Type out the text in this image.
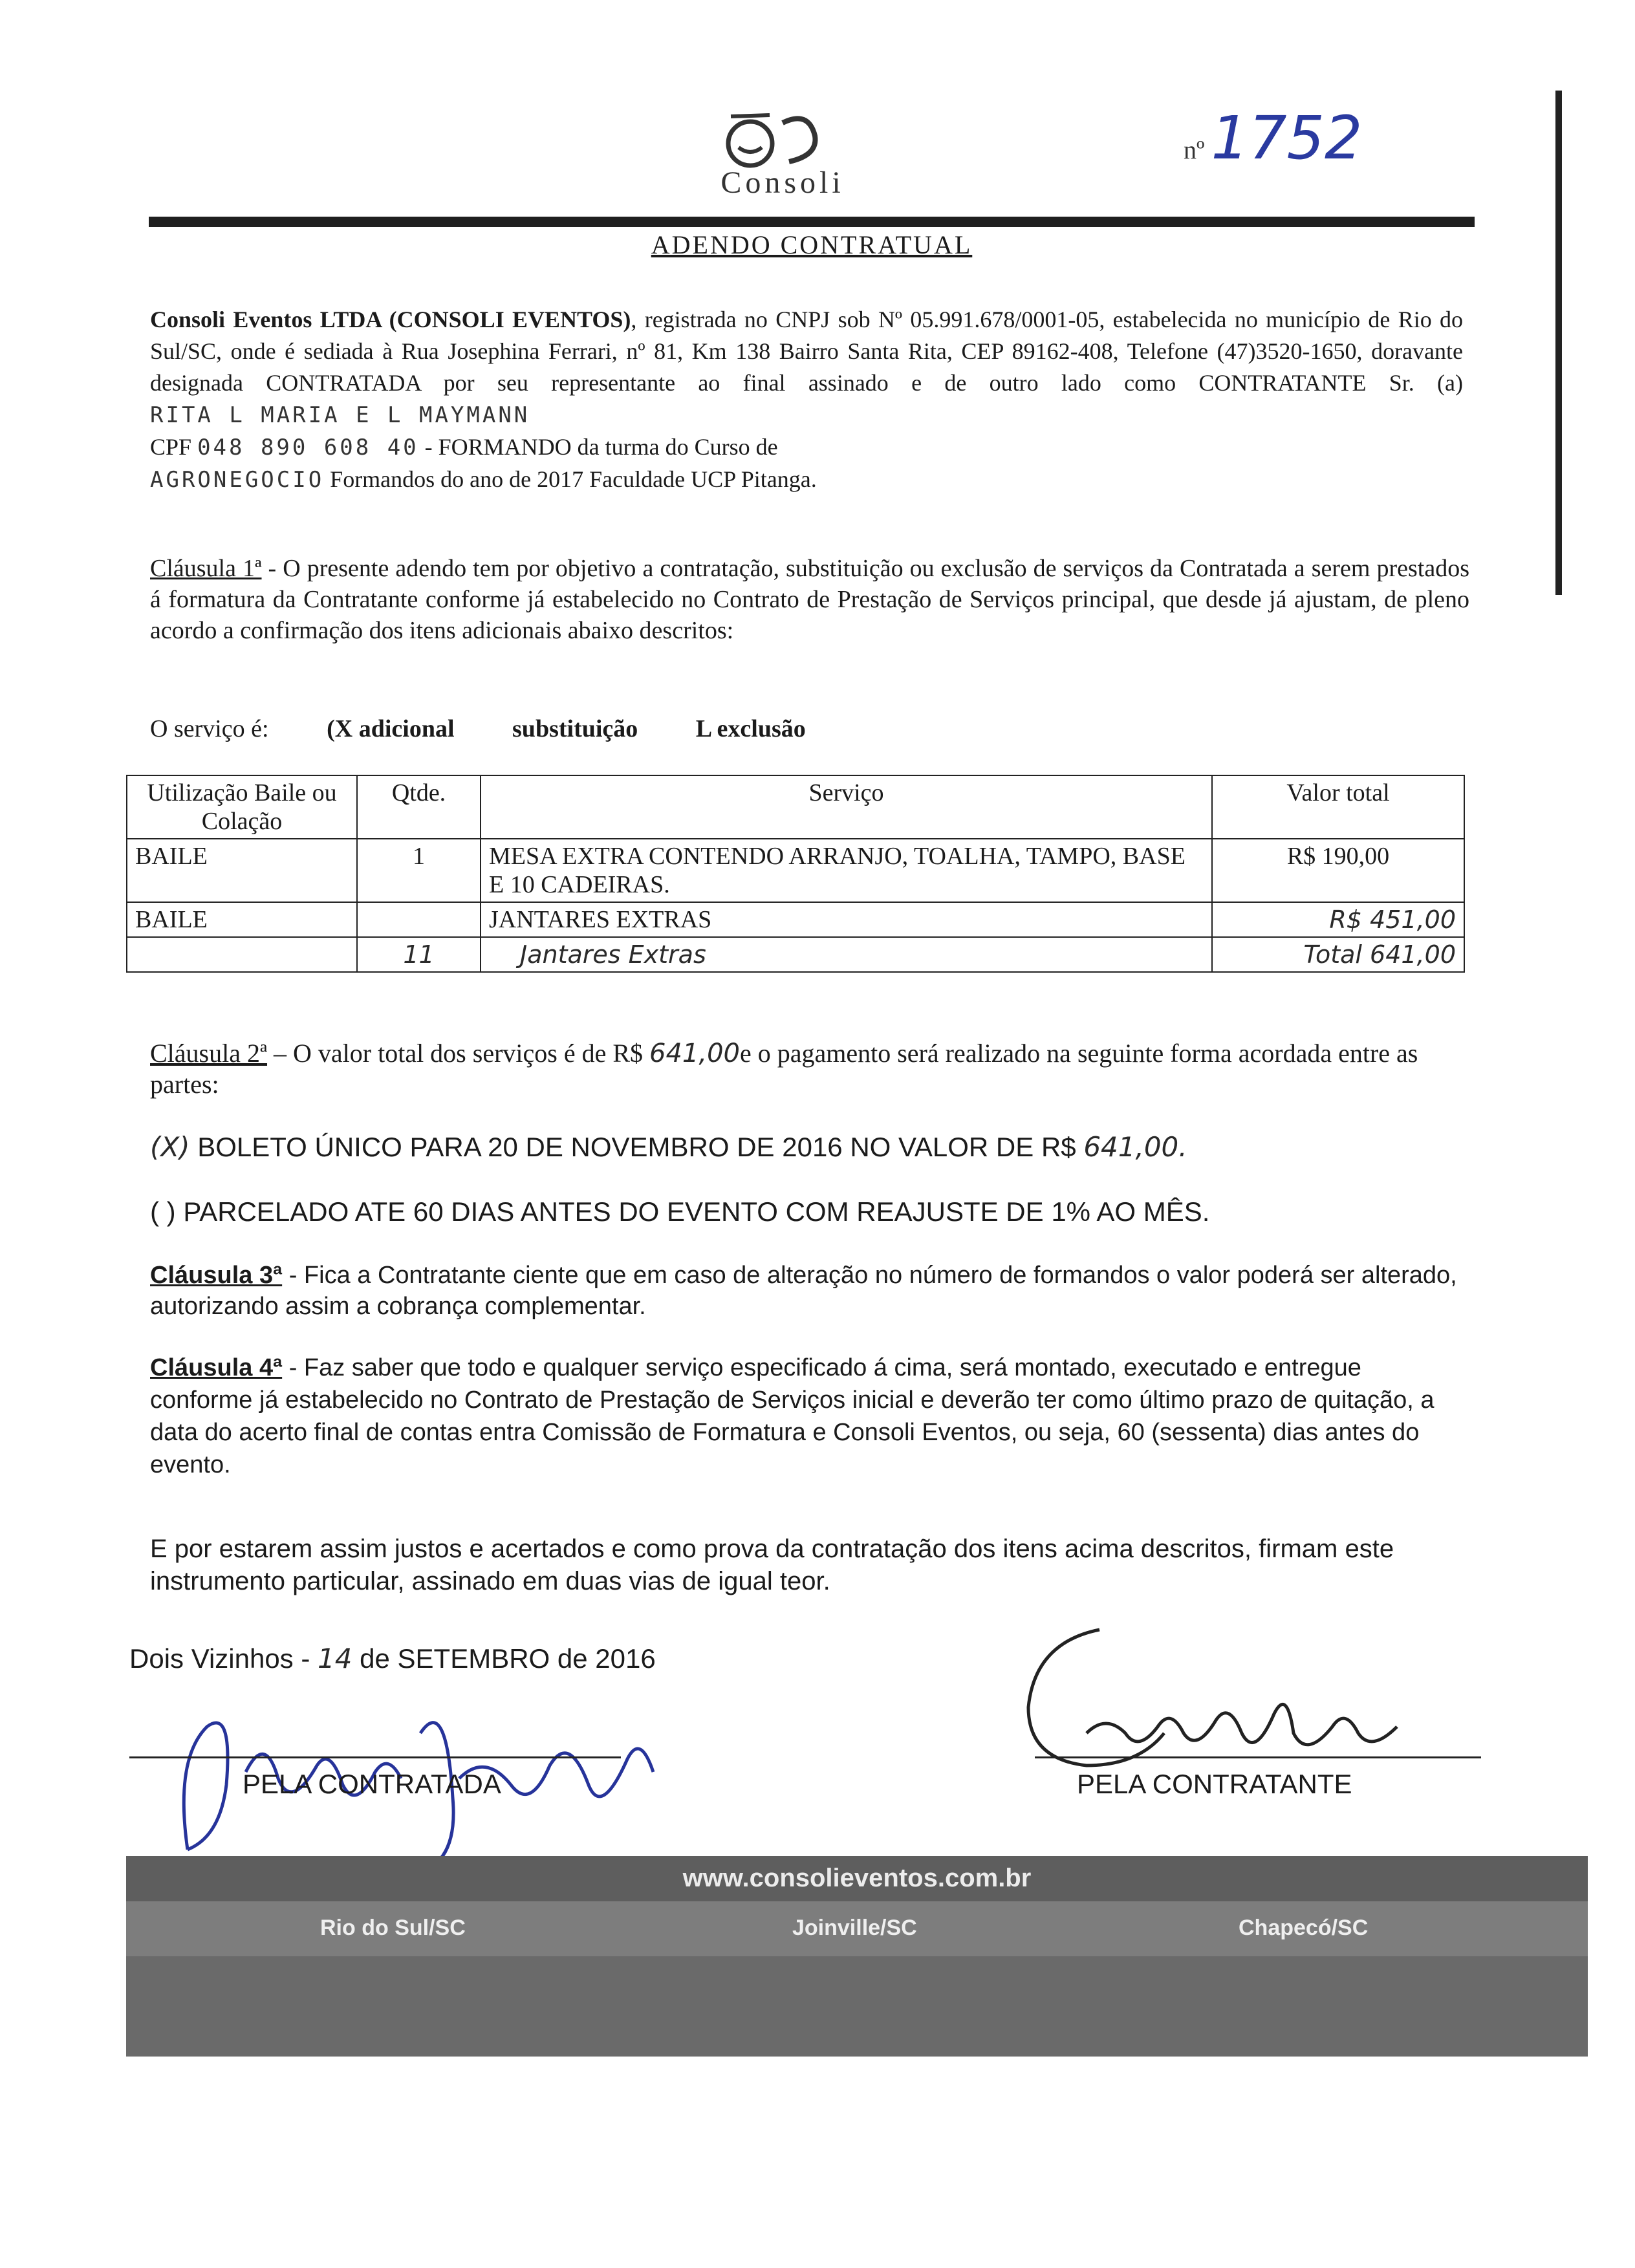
Consoli
nº 1752
ADENDO CONTRATUAL
Consoli Eventos LTDA (CONSOLI EVENTOS), registrada no CNPJ sob Nº 05.991.678/0001-05, estabelecida no município de Rio do Sul/SC, onde é sediada à Rua Josephina Ferrari, nº 81, Km 138 Bairro Santa Rita, CEP 89162-408, Telefone (47)3520-1650, doravante designada CONTRATADA por seu representante ao final assinado e de outro lado como CONTRATANTE Sr. (a) RITA L MARIA E L MAYMANN
CPF 048 890 608 40 - FORMANDO da turma do Curso de
AGRONEGOCIO Formandos do ano de 2017 Faculdade UCP Pitanga.
Cláusula 1ª - O presente adendo tem por objetivo a contratação, substituição ou exclusão de serviços da Contratada a serem prestados á formatura da Contratante conforme já estabelecido no Contrato de Prestação de Serviços principal, que desde já ajustam, de pleno acordo a confirmação dos itens adicionais abaixo descritos:
O serviço é: (X adicional substituição L exclusão
Utilização Baile ou Colação	Qtde.	Serviço	Valor total
BAILE	1	MESA EXTRA CONTENDO ARRANJO, TOALHA, TAMPO, BASE E 10 CADEIRAS.	R$ 190,00
BAILE		JANTARES EXTRAS	R$ 451,00
	11	Jantares Extras	Total 641,00
Cláusula 2ª – O valor total dos serviços é de R$ 641,00e o pagamento será realizado na seguinte forma acordada entre as partes:
(X) BOLETO ÚNICO PARA 20 DE NOVEMBRO DE 2016 NO VALOR DE R$ 641,00.
( ) PARCELADO ATE 60 DIAS ANTES DO EVENTO COM REAJUSTE DE 1% AO MÊS.
Cláusula 3ª - Fica a Contratante ciente que em caso de alteração no número de formandos o valor poderá ser alterado, autorizando assim a cobrança complementar.
Cláusula 4ª - Faz saber que todo e qualquer serviço especificado á cima, será montado, executado e entregue conforme já estabelecido no Contrato de Prestação de Serviços inicial e deverão ter como último prazo de quitação, a data do acerto final de contas entra Comissão de Formatura e Consoli Eventos, ou seja, 60 (sessenta) dias antes do evento.
E por estarem assim justos e acertados e como prova da contratação dos itens acima descritos, firmam este instrumento particular, assinado em duas vias de igual teor.
Dois Vizinhos - 14 de SETEMBRO de 2016
PELA CONTRATADA	PELA CONTRATANTE
www.consolieventos.com.br
Rio do Sul/SC	Joinville/SC	Chapecó/SC
